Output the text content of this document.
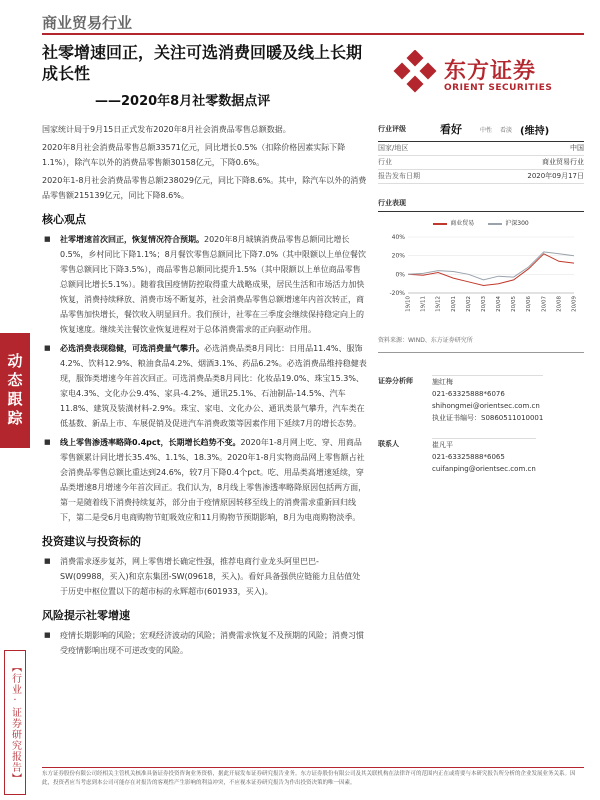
动态跟踪
【行业·证券研究报告】
商业贸易行业
社零增速回正，关注可选消费回暖及线上长期成长性
——2020年8月社零数据点评
东方证券
ORIENT SECURITIES
国家统计局于9月15日正式发布2020年8月社会消费品零售总额数据。
2020年8月社会消费品零售总额33571亿元，同比增长0.5%（扣除价格因素实际下降1.1%），除汽车以外的消费品零售额30158亿元，下降0.6%。
2020年1-8月社会消费品零售总额238029亿元，同比下降8.6%。其中，除汽车以外的消费品零售额215139亿元，同比下降8.6%。
核心观点
■ 社零增速首次回正，恢复情况符合预期。2020年8月城镇消费品零售总额同比增长0.5%，乡村同比下降1.1%；8月餐饮零售总额同比下降7.0%（其中限额以上单位餐饮零售总额同比下降3.5%），商品零售总额同比提升1.5%（其中限额以上单位商品零售总额同比增长5.1%）。随着我国疫情防控取得重大战略成果，居民生活和市场活力加快恢复，消费持续释放、消费市场不断复苏，社会消费品零售总额增速年内首次转正，商品零售加快增长，餐饮收入明显回升。我们预计，社零在三季度会继续保持稳定向上的恢复速度。继续关注餐饮业恢复进程对于总体消费需求的正向驱动作用。
■ 必选消费表现稳健，可选消费量气攀升。必选消费品类8月同比：日用品11.4%、服饰4.2%、饮料12.9%、粮油食品4.2%、烟酒3.1%、药品6.2%。必选消费品维持稳健表现，服饰类增速今年首次回正。可选消费品类8月同比：化妆品19.0%、珠宝15.3%、家电4.3%、文化办公9.4%、家具-4.2%、通讯25.1%、石油制品-14.5%、汽车11.8%、建筑及装潢材料-2.9%。珠宝、家电、文化办公、通讯类景气攀升，汽车类在低基数、新品上市、车展促销及促进汽车消费政策等因素作用下延续7月的增长态势。
■ 线上零售渗透率略降0.4pct，长期增长趋势不变。2020年1-8月网上吃、穿、用商品零售额累计同比增长35.4%、1.1%、18.3%。2020年1-8月实物商品网上零售额占社会消费品零售总额比重达到24.6%，较7月下降0.4个pct。吃、用品类高增速延续，穿品类增速8月增速今年首次回正。我们认为，8月线上零售渗透率略降原因包括两方面，第一是随着线下消费持续复苏，部分由于疫情原因转移至线上的消费需求重新回归线下，第二是受6月电商购物节虹吸效应和11月购物节预期影响，8月为电商购物淡季。
投资建议与投资标的
■ 消费需求逐步复苏，网上零售增长确定性强，推荐电商行业龙头阿里巴巴-SW(09988，买入)和京东集团-SW(09618，买入)。看好具备强供应链能力且估值处于历史中枢位置以下的超市标的永辉超市(601933，买入)。
风险提示社零增速
■ 疫情长期影响的风险；宏观经济波动的风险；消费需求恢复不及预期的风险；消费习惯受疫情影响出现不可逆改变的风险。
行业评级	看好	中性 看淡 (维持)
国家/地区	中国
行业	商业贸易行业
报告发布日期	2020年09月17日
行业表现
商业贸易	沪深300
40%
20%
0%
-20%
19/10 19/11 19/12 20/01 20/02 20/03 20/04 20/05 20/06 20/07 20/08 20/09
资料来源：WIND、东方证券研究所
证券分析师	施红梅
021-63325888*6076
shihongmei@orientsec.com.cn
执业证书编号：S0860511010001
联系人	崔凡平
021-63325888*6065
cuifanping@orientsec.com.cn
东方证券股份有限公司经相关主管机关核准具备证券投资咨询业务资格，据此开展发布证券研究报告业务。东方证券股份有限公司及其关联机构在法律许可的范围内正在或将要与本研究报告所分析的企业发展业务关系。因此，投资者应当考虑到本公司可能存在对报告的客观性产生影响的利益冲突，不应视本证券研究报告为作出投资决策的唯一因素。
